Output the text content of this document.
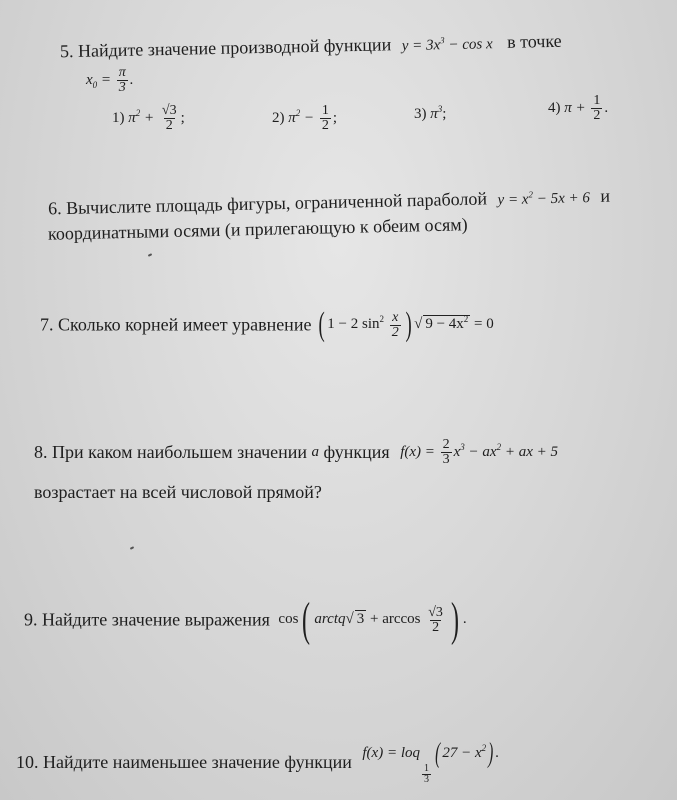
5. Найдите значение производной функции $y = 3x^3 - \cos x$ в точке
$x_0 = \frac{\pi}{3}$ .
1) $\pi^2 + \frac{√3}{2}$ ;	2) $\pi^2 - \frac{1}{2}$ ;	3) $\pi^3$;	4) $\pi + \frac{1}{2}$ .
6. Вычислите площадь фигуры, ограниченной параболой $y = x^2 - 5x + 6$ и
координатными осями (и прилегающую к обеим осям)
7. Сколько корней имеет уравнение ( 1 − 2 $\sin^2 \frac{x}{2}$ ) √ $9 - 4x^2 = 0$
8. При каком наибольшем значении a функция $f(x) = \frac{2}{3} x^3 - ax^2$ + ax + 5
возрастает на всей числовой прямой?
9. Найдите значение выражения cos( arctq√ $3 + \arccos \frac{√3}{2}$ ) .
10. Найдите наименьшее значение функции f(x) = loq
$\frac{1}{3}$
( $27 - x^2$) .
